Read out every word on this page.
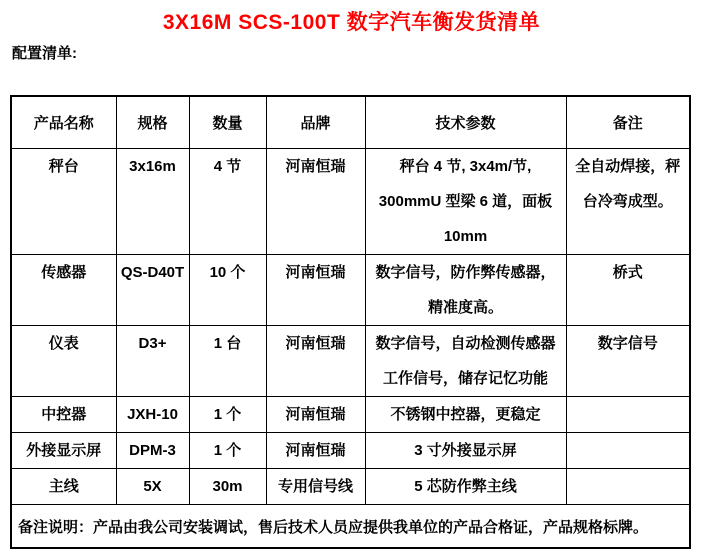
3X16M SCS-100T 数字汽车衡发货清单
配置清单:
产品名称	规格	数量	品牌	技术参数	备注
秤台	3x16m	4 节	河南恒瑞	秤台 4 节, 3x4m/节, 300mmU 型梁 6 道，面板 10mm	全自动焊接，秤台冷弯成型。
传感器	QS-D40T	10 个	河南恒瑞	数字信号，防作弊传感器，精准度高。	桥式
仪表	D3+	1 台	河南恒瑞	数字信号，自动检测传感器工作信号，储存记忆功能	数字信号
中控器	JXH-10	1 个	河南恒瑞	不锈钢中控器，更稳定	
外接显示屏	DPM-3	1 个	河南恒瑞	3 寸外接显示屏	
主线	5X	30m	专用信号线	5 芯防作弊主线	
备注说明：产品由我公司安装调试，售后技术人员应提供我单位的产品合格证，产品规格标牌。					
